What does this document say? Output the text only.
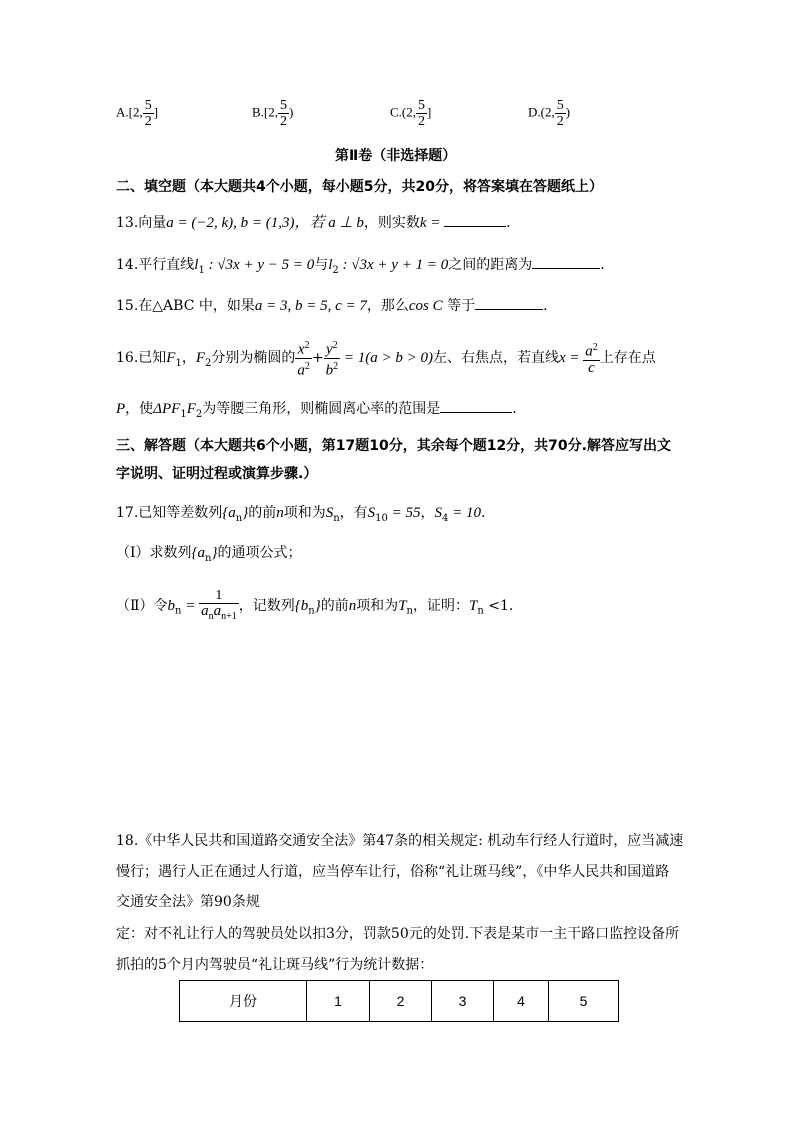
A.[2, $\frac{5}{2}$ ]	B.[2, $\frac{5}{2}$ )	C.(2, $\frac{5}{2}$ ]	D.(2, $\frac{5}{2}$ )
第Ⅱ卷（非选择题）
二、填空题（本大题共4个小题，每小题5分，共20分，将答案填在答题纸上）
13.向量a = (−2, k), b = (1,3)，若 a ⊥ b，则实数k =	.
14.平行直线$l_1$ : √3x + y − 5 = 0与$l_2$ : √3x + y + 1 = 0之间的距离为	.
15.在△ABC 中，如果a = 3, b = 5, c = 7，那么cos C 等于	.
16.已知$F_1$，$F_2$分别为椭圆的 $\frac{x^2}{a^2} + \frac{y^2}{b^2} = 1(a > b > 0)$左、右焦点，若直线$x = \frac{a^2}{c}$ 上存在点
P，使$\Delta PF_1F_2$为等腰三角形，则椭圆离心率的范围是	.
三、解答题（本大题共6个小题，第17题10分，其余每个题12分，共70分.解答应写出文
字说明、证明过程或演算步骤.）
17.已知等差数列$\{a_n\}$的前n项和为$S_n$，有$S_{10} = 55$，$S_4 = 10$.
（Ⅰ）求数列$\{a_n\}$的通项公式；
（Ⅱ）令$b_n = \frac{1}{a_na_{n+1}}$ ，记数列$\{b_n\}$的前n项和为$T_n$，证明：$T_n <1$.
18.《中华人民共和国道路交通安全法》第47条的相关规定: 机动车行经人行道时，应当减速
慢行；遇行人正在通过人行道，应当停车让行，俗称“礼让斑马线”，《中华人民共和国道路
交通安全法》第90条规
定：对不礼让行人的驾驶员处以扣3分，罚款50元的处罚.下表是某市一主干路口监控设备所
抓拍的5个月内驾驶员“礼让斑马线”行为统计数据：
月份	1	2	3	4	5
